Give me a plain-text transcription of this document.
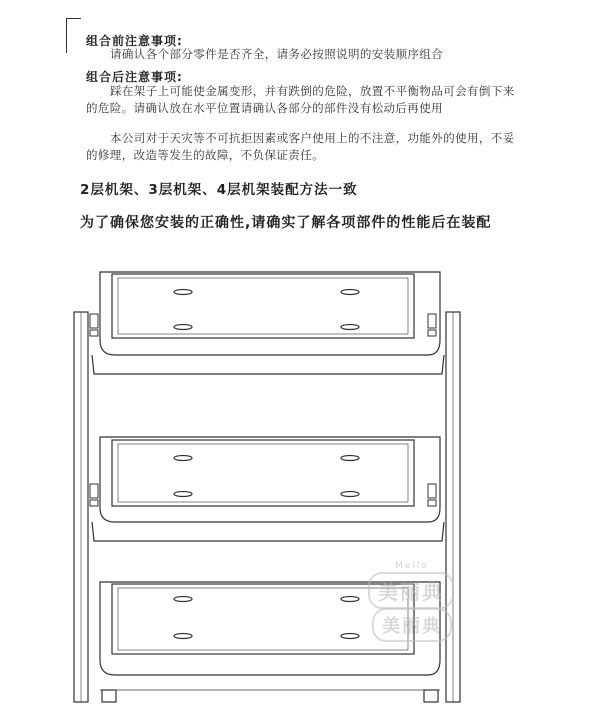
组合前注意事项:
请确认各个部分零件是否齐全，请务必按照说明的安装顺序组合
组合后注意事项:
踩在架子上可能使金属变形，并有跌倒的危险，放置不平衡物品可会有倒下来的危险。请确认放在水平位置请确认各部分的部件没有松动后再使用
本公司对于天灾等不可抗拒因素或客户使用上的不注意，功能外的使用，不妥的修理，改造等发生的故障，不负保证责任。
2层机架、3层机架、4层机架装配方法一致
为了确保您安装的正确性,请确实了解各项部件的性能后在装配
Meilo
美丽典
美丽典
